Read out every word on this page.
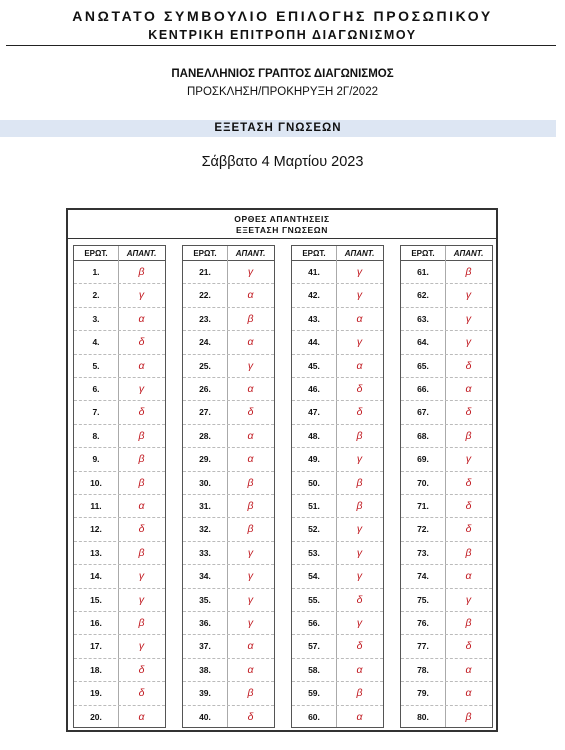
ΑΝΩΤΑΤΟ ΣΥΜΒΟΥΛΙΟ ΕΠΙΛΟΓΗΣ ΠΡΟΣΩΠΙΚΟΥ
ΚΕΝΤΡΙΚΗ ΕΠΙΤΡΟΠΗ ΔΙΑΓΩΝΙΣΜΟΥ
ΠΑΝΕΛΛΗΝΙΟΣ ΓΡΑΠΤΟΣ ΔΙΑΓΩΝΙΣΜΟΣ
ΠΡΟΣΚΛΗΣΗ/ΠΡΟΚΗΡΥΞΗ 2Γ/2022
ΕΞΕΤΑΣΗ ΓΝΩΣΕΩΝ
Σάββατο 4 Μαρτίου 2023
ΟΡΘΕΣ ΑΠΑΝΤΗΣΕΙΣ
ΕΞΕΤΑΣΗ ΓΝΩΣΕΩΝ
ΕΡΩΤ.	ΑΠΑΝΤ.
1.	β
2.	γ
3.	α
4.	δ
5.	α
6.	γ
7.	δ
8.	β
9.	β
10.	β
11.	α
12.	δ
13.	β
14.	γ
15.	γ
16.	β
17.	γ
18.	δ
19.	δ
20.	α
ΕΡΩΤ.	ΑΠΑΝΤ.
21.	γ
22.	α
23.	β
24.	α
25.	γ
26.	α
27.	δ
28.	α
29.	α
30.	β
31.	β
32.	β
33.	γ
34.	γ
35.	γ
36.	γ
37.	α
38.	α
39.	β
40.	δ
ΕΡΩΤ.	ΑΠΑΝΤ.
41.	γ
42.	γ
43.	α
44.	γ
45.	α
46.	δ
47.	δ
48.	β
49.	γ
50.	β
51.	β
52.	γ
53.	γ
54.	γ
55.	δ
56.	γ
57.	δ
58.	α
59.	β
60.	α
ΕΡΩΤ.	ΑΠΑΝΤ.
61.	β
62.	γ
63.	γ
64.	γ
65.	δ
66.	α
67.	δ
68.	β
69.	γ
70.	δ
71.	δ
72.	δ
73.	β
74.	α
75.	γ
76.	β
77.	δ
78.	α
79.	α
80.	β
